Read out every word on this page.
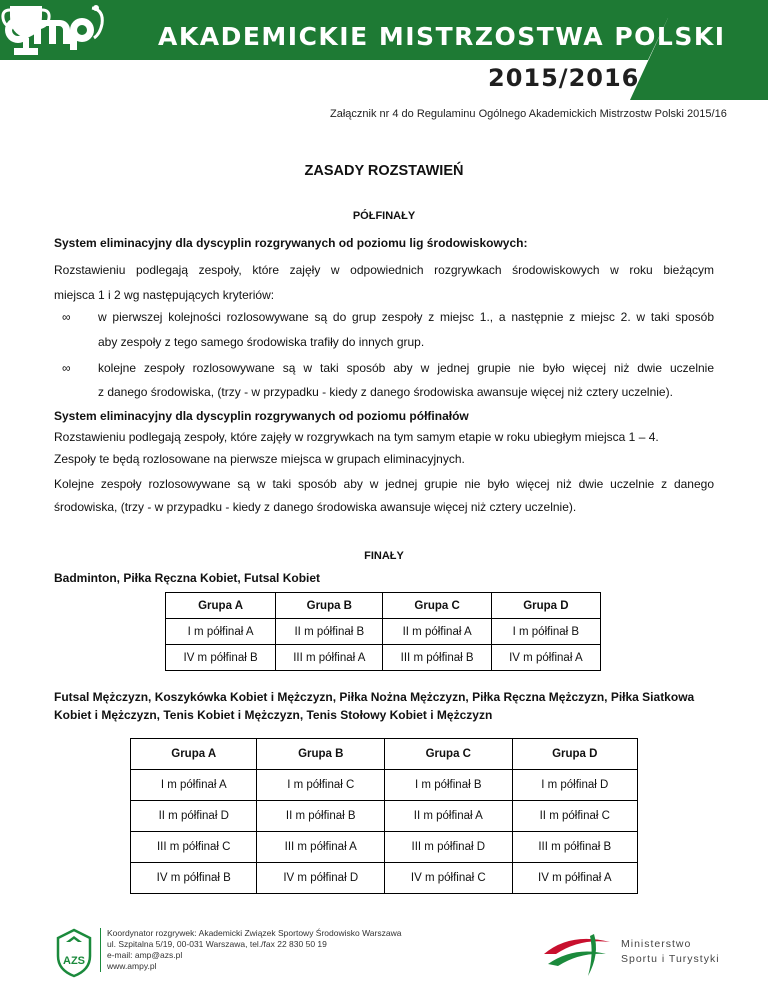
AKADEMICKIE MISTRZOSTWA POLSKI
2015/2016
Załącznik nr 4 do Regulaminu Ogólnego Akademickich Mistrzostw Polski 2015/16
ZASADY ROZSTAWIEŃ
PÓŁFINAŁY
System eliminacyjny dla dyscyplin rozgrywanych od poziomu lig środowiskowych:
Rozstawieniu podlegają zespoły, które zajęły w odpowiednich rozgrywkach środowiskowych w roku bieżącym
miejsca 1 i 2 wg następujących kryteriów:
∞ w pierwszej kolejności rozlosowywane są do grup zespoły z miejsc 1., a następnie z miejsc 2. w taki sposób
aby zespoły z tego samego środowiska trafiły do innych grup.
∞ kolejne zespoły rozlosowywane są w taki sposób aby w jednej grupie nie było więcej niż dwie uczelnie
z danego środowiska, (trzy - w przypadku - kiedy z danego środowiska awansuje więcej niż cztery uczelnie).
System eliminacyjny dla dyscyplin rozgrywanych od poziomu półfinałów
Rozstawieniu podlegają zespoły, które zajęły w rozgrywkach na tym samym etapie w roku ubiegłym miejsca 1 – 4.
Zespoły te będą rozlosowane na pierwsze miejsca w grupach eliminacyjnych.
Kolejne zespoły rozlosowywane są w taki sposób aby w jednej grupie nie było więcej niż dwie uczelnie z danego
środowiska, (trzy - w przypadku - kiedy z danego środowiska awansuje więcej niż cztery uczelnie).
FINAŁY
Badminton, Piłka Ręczna Kobiet, Futsal Kobiet
Grupa A	Grupa B	Grupa C	Grupa D
I m półfinał A	II m półfinał B	II m półfinał A	I m półfinał B
IV m półfinał B	III m półfinał A	III m półfinał B	IV m półfinał A
Futsal Mężczyzn, Koszykówka Kobiet i Mężczyzn, Piłka Nożna Mężczyzn, Piłka Ręczna Mężczyzn, Piłka Siatkowa
Kobiet i Mężczyzn, Tenis Kobiet i Mężczyzn, Tenis Stołowy Kobiet i Mężczyzn
Grupa A	Grupa B	Grupa C	Grupa D
I m półfinał A	I m półfinał C	I m półfinał B	I m półfinał D
II m półfinał D	II m półfinał B	II m półfinał A	II m półfinał C
III m półfinał C	III m półfinał A	III m półfinał D	III m półfinał B
IV m półfinał B	IV m półfinał D	IV m półfinał C	IV m półfinał A
AZS
Koordynator rozgrywek: Akademicki Związek Sportowy Środowisko Warszawa
ul. Szpitalna 5/19, 00-031 Warszawa, tel./fax 22 830 50 19
e-mail: amp@azs.pl
www.ampy.pl
Ministerstwo
Sportu i Turystyki
